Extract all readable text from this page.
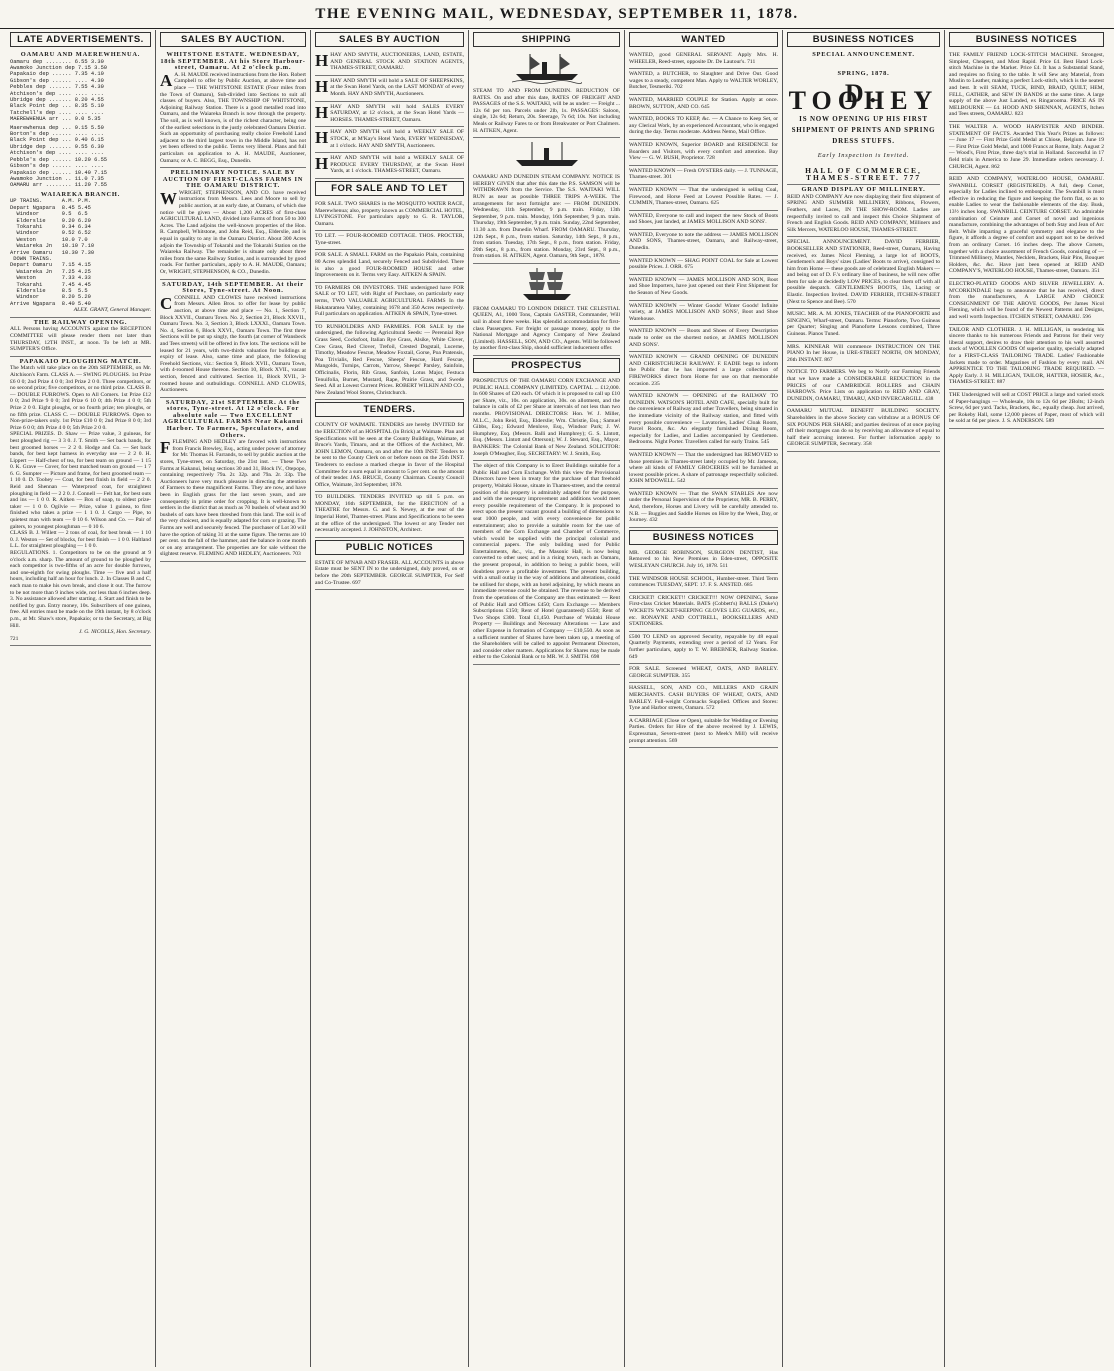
THE EVENING MAIL, WEDNESDAY, SEPTEMBER 11, 1878.
LATE ADVERTISEMENTS.
OAMARU AND MAEREWHENUA.
Oamaru dep ........ 6.55 3.30
Awamoko Junction dep 7.15 3.50
Papakaio dep ...... 7.35 4.10
Gibson's dep ...... .... 4.30
Pebbles dep ....... 7.55 4.30
Atchison's dep .... .... ....
Ubridge dep ....... 8.20 4.55
Black Point dep ... 8.35 5.10
Tatchell's dep .... .... ....
MAEREWHENUA arr ... 9.0 5.35
Maerewhenua dep ... 9.15 5.50
Borton's dep ...... .... ....
Black Point dep ... 9.40 6.15
Ubridge dep ....... 9.55 6.30
Atchison's dep .... .... ....
Pebble's dep ...... 10.20 6.55
Gibson's dep ...... .... ....
Papakaio dep ...... 10.40 7.15
Awamoko Junction .. 11.0 7.35
OAMARU arr ........ 11.20 7.55
WAIAREKA BRANCH.
UP TRAINS.      A.M. P.M.
Depart Ngapara  8.45 5.45
Windsor       9.5  6.5
Elderslie     9.20 6.20
Tokarahi      9.34 6.34
Windsor       9.52 6.52
Weston        10.0 7.0
Waiareka Jn   10.10 7.10
Arrive Oamaru   10.30 7.30
DOWN TRAINS.
Depart Oamaru   7.15 4.15
Waiareka Jn   7.25 4.25
Weston        7.33 4.33
Tokarahi      7.45 4.45
Elderslie     8.5  5.5
Windsor       8.20 5.20
Arrive Ngapara  8.40 5.40
ALEX. GRANT, General Manager.
THE RAILWAY OPENING.
ALL Persons having ACCOUNTS against the RECEPTION COMMITTEE will please render them not later than THURSDAY, 12TH INST., at noon. To be left at MR. SUMPTER'S Office.
PAPAKAIO PLOUGHING MATCH.
The Match will take place on the 20th SEPTEMBER, on Mr. Aitchison's Farm. CLASS A. — SWING PLOUGHS. 1st Prize £6 0 0; 2nd Prize 4 0 0; 3rd Prize 2 0 0. Three competitors, or no second prize; five competitors, or no third prize. CLASS B. — DOUBLE FURROWS. Open to All Comers. 1st Prize £12 0 0; 2nd Prize 9 0 0; 3rd Prize 6 10 0; 4th Prize 4 0 0; 5th Prize 2 0 0. Eight ploughs, or no fourth prize; ten ploughs, or no fifth prize. CLASS C. — DOUBLE FURROWS. Open to Non-prize-takers only. 1st Prize £10 0 0; 2nd Prize 8 0 0; 3rd Prize 6 0 0; 4th Prize 4 0 0; 5th Prize 2 0 0.
SPECIAL PRIZES. D. Shaw — Prize value, 3 guineas, for best ploughed rig — 3 3 0. J. T. Smith — Set back bands, for best groomed horses — 2 2 0. Hodge and Co. — Set back bands, for best kept harness in everyday use — 2 2 0. H. Lippert — Half-chest of tea, for best team on ground — 1 15 0. K. Grave — Cover, for best matched team on ground — 1 7 6. G. Sumpter — Picture and frame, for best groomed team — 1 10 0. D. Toohey — Coat, for best finish in field — 2 2 0. Reid and Shennan — Waterproof coat, for straightest ploughing in field — 2 2 0. J. Connell — Felt hat, for best outs and ins — 1 0 0. R. Aitken — Box of soap, to oldest prize-taker — 1 0 0. Ogilvie — Prize, value 1 guinea, to first finished who takes a prize — 1 1 0. J. Cargo — Pipe, to quietest man with team — 0 10 6. Wilson and Co. — Pair of gaiters, to youngest ploughman — 0 10 6.
CLASS B. J. Willett — 2 tons of coal, for best break — 1 10 0. J. Weston — Set of blocks, for best finish — 1 0 0. Haltland L.L. for straightest ploughing — 1 0 0.
REGULATIONS. 1. Competitors to be on the ground at 9 o'clock a.m. sharp. The amount of ground to be ploughed by each competitor is two-fifths of an acre for double furrows, and one-eighth for swing ploughs. Time — five and a half hours, including half an hour for lunch. 2. In Classes B and C, each man to make his own break, and close it out. The furrow to be not more than 9 inches wide, nor less than 6 inches deep. 3. No assistance allowed after starting. 4. Start and finish to be notified by gun. Entry money, 10s. Subscribers of one guinea, free. All entries must be made on the 19th instant, by 8 o'clock p.m., at Mr. Shaw's store, Papakaio; or to the Secretary, at Big Hill.
J. G. NICOLLS, Hon. Secretary.
721
SALES BY AUCTION.
WHITSTONE ESTATE. WEDNESDAY, 18th SEPTEMBER. At his Store Harbour-street, Oamaru. At 2 o'clock p.m.
A A. H. MAUDE received instructions from the Hon. Robert Campbell to offer by Public Auction, at above time and place — THE WHITSTONE ESTATE (Four miles from the Town of Oamaru), Sub-divided into Sections to suit all classes of buyers. Also, THE TOWNSHIP OF WHITSTONE, Adjoining Railway Station. There is a good metalled road into Oamaru, and the Waiareka Branch is now through the property. The soil, as is well known, is of the richest character, being one of the earliest selections in the justly celebrated Oamaru District. Such an opportunity of purchasing really choice Freehold Land adjacent to the third largest town in the Middle Island, has not yet been offered to the public. Terms very liberal. Plans and full particulars on application to A. H. MAUDE, Auctioneer, Oamaru; or A. C. BEGG, Esq., Dunedin.
PRELIMINARY NOTICE. SALE BY AUCTION OF FIRST-CLASS FARMS IN THE OAMARU DISTRICT.
W WRIGHT, STEPHENSON, AND CO. have received instructions from Messrs. Lees and Moore to sell by public auction, at an early date, at Oamaru, of which due notice will be given — About 1,200 ACRES of first-class AGRICULTURAL LAND, divided into Farms of from 50 to 300 Acres. The Land adjoins the well-known properties of the Hon. R. Campbell, Whitstone, and John Reid, Esq., Elderslie, and is equal in quality to any in the Oamaru District. About 300 Acres adjoin the Township of Tokarahi and the Tokarahi Station on the Waiareka Railway. The remainder is situate only about three miles from the same Railway Station, and is surrounded by good roads. For further particulars, apply to A. H. MAUDE, Oamaru; Or, WRIGHT, STEPHENSON, & CO., Dunedin.
SATURDAY, 14th SEPTEMBER. At their Stores, Tyne-street. At Noon.
C CONNELL AND CLOWES have received instructions from Messrs. Allen Bros. to offer for lease by public auction, at above time and place — No. 1, Section 7, Block XXVII., Oamaru Town. No. 2, Section 21, Block XXVII., Oamaru Town. No. 3, Section 3, Block LXXXI., Oamaru Town. No. 4, Section 6, Block XXVI., Oamaru Town. The first three Sections will be put up singly, the fourth (at corner of Wansbeck and Tees streets) will be offered in five lots. The sections will be leased for 21 years, with two-thirds valuation for buildings at expiry of lease. Also, same time and place, the following Freehold Sections, viz.: Section 9, Block XVII., Oamaru Town, with 4-roomed House thereon. Section 10, Block XVII., vacant section, fenced and cultivated. Section 11, Block XVII., 3-roomed house and outbuildings. CONNELL AND CLOWES, Auctioneers.
SATURDAY, 21st SEPTEMBER. At the stores, Tyne-street. At 12 o'clock. For absolute sale — Two EXCELLENT AGRICULTURAL FARMS Near Kakanui Harbor. To Farmers, Speculators, and Others.
F FLEMING AND HEDLEY are favored with instructions from Francis Brewley, Esq., acting under power of attorney for Mr. Thomas H. Farrands, to sell by public auction at the stores, Tyne-street, on Saturday, the 21st inst. — These Two Farms at Kakanui, being sections 30 and 31, Block IV., Otepopo, containing respectively 79a. 2r. 32p. and 79a. 2r. 33p. The Auctioneers have very much pleasure in directing the attention of Farmers to these magnificent Farms. They are now, and have been in English grass for the last seven years, and are consequently in prime order for cropping. It is well-known to settlers in the district that as much as 70 bushels of wheat and 90 bushels of oats have been threshed from this land. The soil is of the very choicest, and is equally adapted for corn or grazing. The Farms are well and securely fenced. The purchaser of Lot 30 will have the option of taking 31 at the same figure. The terms are 10 per cent. on the fall of the hammer, and the balance in one month or on any arrangement. The properties are for sale without the slightest reserve. FLEMING AND HEDLEY, Auctioneers. 703
SALES BY AUCTION
HHAY AND SMYTH, AUCTIONEERS, LAND, ESTATE, AND GENERAL STOCK AND STATION AGENTS, THAMES-STREET, OAMARU.
HHAY AND SMYTH will hold a SALE OF SHEEPSKINS, at the Swan Hotel Yards, on the LAST MONDAY of every Month. HAY AND SMYTH, Auctioneers.
HHAY AND SMYTH will hold SALES EVERY SATURDAY, at 12 o'clock, at the Swan Hotel Yards — HORSES. THAMES-STREET, Oamaru.
HHAY AND SMYTH will hold a WEEKLY SALE OF STOCK, at M'Kay's Hotel Yards, EVERY WEDNESDAY, at 1 o'clock. HAY AND SMYTH, Auctioneers.
HHAY AND SMYTH will hold a WEEKLY SALE OF PRODUCE EVERY THURSDAY, at the Swan Hotel Yards, at 1 o'clock. THAMES-STREET, Oamaru.
FOR SALE AND TO LET
FOR SALE. TWO SHARES in the MOSQUITO WATER RACE, Maerewhenua; also, property known as COMMERCIAL HOTEL, LIVINGSTONE. For particulars apply to G. R. TAYLOR, Oamaru.
TO LET. — FOUR-ROOMED COTTAGE. THOS. PROCTER, Tyne-street.
FOR SALE. A SMALL FARM on the Papakaio Plain, containing 80 Acres splendid Land, securely Fenced and Subdivided. There is also a good FOUR-ROOMED HOUSE and other Improvements on it. Terms very Easy. AITKEN & SPAIN.
TO FARMERS OR INVESTORS. THE undersigned have FOR SALE or TO LET, with Right of Purchase, on particularly easy terms, TWO VALUABLE AGRICULTURAL FARMS In the Hakataramea Valley, containing 1678 and 350 Acres respectively. Full particulars on application. AITKEN & SPAIN, Tyne-street.
TO RUNHOLDERS AND FARMERS. FOR SALE by the undersigned, the following Agricultural Seeds: — Perennial Rye Grass Seed, Cocksfoot, Italian Rye Grass, Alsike, White Clover, Cow Grass, Red Clover, Trefoil, Crested Dogstail, Lucerne, Timothy, Meadow Fescue, Meadow Foxtail, Gorse, Poa Pratensis, Poa Trivialis, Red Fescue, Sheeps' Fescue, Hard Fescue, Mangolds, Turnips, Carrots, Yarrow, Sheeps' Parsley, Sainfoin, Officinalis, Florin, Rib Grass, Sanfoin, Lotus Major, Festuca Tenuifolia, Burnet, Mustard, Rape, Prairie Grass, and Swede Seed. All at Lowest Current Prices. ROBERT WILKIN AND CO., New Zealand Wool Stores, Christchurch.
TENDERS.
COUNTY OF WAIMATE. TENDERS are hereby INVITED for the ERECTION of an HOSPITAL (in Brick) at Waimate. Plan and Specifications will be seen at the County Buildings, Waimate, at Bruce's Yards, Timaru, and at the Offices of the Architect, Mr. JOHN LEMON, Oamaru, on and after the 10th INST. Tenders to be sent to the County Clerk on or before noon on the 25th INST. Tenderers to enclose a marked cheque in favor of the Hospital Committee for a sum equal in amount to 5 per cent. on the amount of their tender. JAS. BRUCE, County Chairman. County Council Office, Waimate, 3rd September, 1878.
TO BUILDERS. TENDERS INVITED up till 5 p.m. on MONDAY, 16th SEPTEMBER, for the ERECTION of a THEATRE for Messrs. G. and S. Newey, at the rear of the Imperial Hotel, Thames-street. Plans and Specifications to be seen at the office of the undersigned. The lowest or any Tender not necessarily accepted. J. JOHNSTON, Architect.
PUBLIC NOTICES
ESTATE OF M'NAB AND FRASER. ALL ACCOUNTS in above Estate must be SENT IN to the undersigned, duly proved, on or before the 20th SEPTEMBER. GEORGE SUMPTER, For Self and Co-Trustee. 697
SHIPPING
STEAM TO AND FROM DUNEDIN. REDUCTION OF RATES. On and after this date, RATES OF FREIGHT AND PASSAGES of the S.S. WAITAKI, will be as under: — Freight ... 12s 6d per ton. Parcels under 2lb, 1s. PASSAGES: Saloon, single, 12s 6d; Return, 20s. Steerage, 7s 6d; 10s. Not including Meals or Railway Fares to or from Breakwater or Port Chalmers. H. AITKEN, Agent.
OAMARU AND DUNEDIN STEAM COMPANY. NOTICE IS HEREBY GIVEN that after this date the P.S. SAMSON will be WITHDRAWN from the Service. The S.S. WAITAKI WILL RUN as near as possible THREE TRIPS A-WEEK. The arrangements for next fortnight are: — FROM DUNEDIN. Wednesday, 11th September, 9 p.m. train. Friday, 13th September, 9 p.m. train. Monday, 16th September, 9 p.m. train. Thursday, 19th September, 9 p.m. train. Sunday, 22nd September, 11.30 a.m. from Dunedin Wharf. FROM OAMARU. Thursday, 12th Sept., 8 p.m., from station. Saturday, 14th Sept., 8 p.m., from station. Tuesday, 17th Sept., 8 p.m., from station. Friday, 20th Sept., 8 p.m., from station. Monday, 23rd Sept., 8 p.m., from station. H. AITKEN, Agent. Oamaru, 9th Sept., 1878.
FROM OAMARU TO LONDON DIRECT. THE CELESTIAL QUEEN, A1, 1000 Tons, Captain GASTER, Commander, Will sail in about three weeks. Has splendid accommodation for first-class Passengers. For freight or passage money, apply to the National Mortgage and Agency Company of New Zealand (Limited). HASSELL, SON, AND CO., Agents. Will be followed by another first-class Ship, should sufficient inducement offer.
PROSPECTUS
PROSPECTUS OF THE OAMARU CORN EXCHANGE AND PUBLIC HALL COMPANY (LIMITED). CAPITAL ... £12,000. In 600 Shares of £20 each. Of which it is proposed to call up £10 per Share, viz., 10s. on application, 30s. on allotment, and the balance in calls of £2 per Share at intervals of not less than two months. PROVISIONAL DIRECTORS: Hon. W. J. Miller, M.L.C., John Reid, Esq., Elderslie; Wm. Christie, Esq.; Samuel Gibbs, Esq.; Edward Menlove, Esq., Windsor Park; J. W. Humphrey, Esq. (Messrs. Balli and Humphrey); G. S. Lintott, Esq. (Messrs. Lintott and Otterson); W. J. Steward, Esq., Mayor. BANKERS: The Colonial Bank of New Zealand. SOLICITOR: Joseph O'Meagher, Esq. SECRETARY: W. J. Smith, Esq.
The object of this Company is to Erect Buildings suitable for a Public Hall and Corn Exchange. With this view the Provisional Directors have been in treaty for the purchase of that freehold property, Waitaki House, situate in Thames-street, and the central position of this property is admirably adapted for the purpose, and with the necessary improvement and additions would meet every possible requirement of the Company. It is proposed to erect upon the present vacant ground a building of dimensions to seat 1000 people, and with every convenience for public entertainment; also to provide a suitable room for the use of members of the Corn Exchange and Chamber of Commerce, which would be supplied with the principal colonial and commercial papers. The only building used for Public Entertainments, &c., viz., the Masonic Hall, is now being converted to other uses; and in a rising town, such as Oamaru, the present proposal, in addition to being a public boon, will doubtless prove a profitable investment. The present building, with a small outlay in the way of additions and alterations, could be utilised for shops, with an hotel adjoining, by which means an immediate revenue could be obtained. The revenue to be derived from the operations of the Company are thus estimated: — Rent of Public Hall and Offices £450; Corn Exchange — Members Subscriptions £150; Rent of Hotel (guaranteed) £550; Rent of Two Shops £300. Total £1,450. Purchase of Waitaki House Property — Buildings and Necessary Alterations — Law and other Expense in formation of Company — £10,550. As soon as a sufficient number of Shares have been taken up, a meeting of the Shareholders will be called to appoint Permanent Directors, and consider other matters. Applications for Shares may be made either to the Colonial Bank or to MR. W. J. SMITH. 698
WANTED
WANTED, good GENERAL SERVANT. Apply Mrs. H. WHEELER, Reed-street, opposite Dr. De Lautour's. 711
WANTED, a BUTCHER, to Slaughter and Drive Out. Good wages to a steady, competent Man. Apply to WALTER WORLEY, Butcher, Tesmeriki. 702
WANTED, MARRIED COUPLE for Station. Apply at once. BROWN, SUTTON, AND CO. 645
WANTED, BOOKS TO KEEP, &c. — A Chance to Keep Set, or any Clerical Work, by an experienced Accountant, who is engaged during the day. Terms moderate. Address Nemo, Mail Office.
WANTED KNOWN, Superior BOARD and RESIDENCE for Boarders and Visitors, with every comfort and attention. Bay View — G. W. BUSH, Proprietor. 728
WANTED KNOWN — Fresh OYSTERS daily. — J. TUNNAGE, Thames-street. 301
WANTED KNOWN — That the undersigned is selling Coal, Firewood, and Horse Feed at Lowest Possible Rates. — J. CUMMIN, Thames-street, Oamaru. 625
WANTED, Everyone to call and inspect the new Stock of Boots and Shoes, just landed, at JAMES MOLLISON AND SONS'.
WANTED, Everyone to note the address — JAMES MOLLISON AND SONS, Thames-street, Oamaru, and Railway-street, Dunedin.
WANTED KNOWN — SHAG POINT COAL for Sale at Lowest possible Prices. J. ORR. 675
WANTED KNOWN — JAMES MOLLISON AND SON, Boot and Shoe Importers, have just opened out their First Shipment for the Season of New Goods.
WANTED KNOWN — Winter Goods! Winter Goods! Infinite variety, at JAMES MOLLISON AND SONS', Boot and Shoe Warehouse.
WANTED KNOWN — Boots and Shoes of Every Description made to order on the shortest notice, at JAMES MOLLISON AND SONS'.
WANTED KNOWN — GRAND OPENING OF DUNEDIN AND CHRISTCHURCH RAILWAY. F. EADIE begs to inform the Public that he has imported a large collection of FIREWORKS direct from Home for use on that memorable occasion. 235
WANTED KNOWN — OPENING of the RAILWAY TO DUNEDIN. WATSON'S HOTEL AND CAFE, specially built for the convenience of Railway and other Travellers, being situated in the immediate vicinity of the Railway station, and fitted with every possible convenience — Lavatories, Ladies' Cloak Room, Parcel Room, &c. An elegantly furnished Dining Room, especially for Ladies, and Ladies accompanied by Gentlemen. Bedrooms. Night Porter. Travellers called for early Trains. 545
WANTED KNOWN — That the undersigned has REMOVED to those premises in Thames-street lately occupied by Mr. Jameson, where all kinds of FAMILY GROCERIES will be furnished at lowest possible prices. A share of patronage respectfully solicited. JOHN M'DOWELL. 542
WANTED KNOWN — That the SWAN STABLES Are now under the Personal Supervision of the Proprietor, MR. B. PERRY, And, therefore, Horses and Livery will be carefully attended to. N.B. — Buggies and Saddle Horses on Hire by the Week, Day, or Journey. 432
BUSINESS NOTICES
MR. GEORGE ROBINSON, SURGEON DENTIST, Has Removed to his New Premises in Eden-street, OPPOSITE WESLEYAN CHURCH. July 16, 1878. 511
THE WINDSOR HOUSE SCHOOL, Humber-street. Third Term commences TUESDAY, SEPT. 17. F. S. ANSTED. 685
CRICKET! CRICKET!! CRICKET!!! NOW OPENING, Some First-class Cricket Materials. BATS (Cobbett's) BALLS (Duke's) WICKETS WICKET-KEEPING GLOVES LEG GUARDS, etc., etc. RONAYNE AND COTTRELL, BOOKSELLERS AND STATIONERS.
£500 TO LEND on approved Security, repayable by 48 equal Quarterly Payments, extending over a period of 12 Years. For further particulars, apply to T. W. BREBNER, Railway Station. 649
FOR SALE. Screened WHEAT, OATS, AND BARLEY. GEORGE SUMPTER. 355
HASSELL, SON, AND CO., MILLERS AND GRAIN MERCHANTS. CASH BUYERS OF WHEAT, OATS, AND BARLEY. Full-weight Cornsacks Supplied. Offices and Stores: Tyne and Harbor streets, Oamaru. 572
A CARRIAGE (Close or Open), suitable for Wedding or Evening Parties. Orders for Hire of the above received by J. LEWIS, Expressman, Severn-street (next to Meek's Mill) will receive prompt attention. 569
BUSINESS NOTICES
SPECIAL ANNOUNCEMENT.
SPRING, 1878.
D. TOOHEY
IS NOW OPENING UP HIS FIRST SHIPMENT OF PRINTS AND SPRING DRESS STUFFS.
Early Inspection is Invited.
HALL OF COMMERCE, THAMES-STREET. 777
GRAND DISPLAY OF MILLINERY.
REID AND COMPANY Are now displaying their first shipment of SPRING AND SUMMER MILLINERY, Ribbons, Flowers, Feathers, and Laces, IN THE SHOW-ROOM. Ladies are respectfully invited to call and inspect this Choice Shipment of French and English Goods. REID AND COMPANY, Milliners and Silk Mercers, WATERLOO HOUSE, THAMES-STREET.
SPECIAL ANNOUNCEMENT. DAVID FERRIER, BOOKSELLER AND STATIONER, Reed-street, Oamaru, Having received, ex James Nicol Fleming, a large lot of BOOTS, Gentlemen's and Boys' sizes (Ladies' Boots to arrive), consigned to him from Home — these goods are of celebrated English Makers — and being out of D. F.'s ordinary line of business, he will now offer them for sale at decidedly LOW PRICES, to clear them off with all possible despatch. GENTLEMEN'S BOOTS, 13s, Lacing or Elastic. Inspection Invited. DAVID FERRIER, ITCHEN-STREET (Next to Spence and Bee). 570
MUSIC. MR. A. M. JONES, TEACHER of the PIANOFORTE and SINGING, Wharf-street, Oamaru. Terms: Pianoforte, Two Guineas per Quarter; Singing and Pianoforte Lessons combined, Three Guineas. Pianos Tuned.
MRS. KINNEAR Will commence INSTRUCTION ON THE PIANO In her House, in URE-STREET NORTH, ON MONDAY, 26th INSTANT. 867
NOTICE TO FARMERS. We beg to Notify our Farming Friends that we have made a CONSIDERABLE REDUCTION in the PRICES of our CAMBRIDGE ROLLERS and CHAIN HARROWS. Price Lists on application to REID AND GRAY, DUNEDIN, OAMARU, TIMARU, AND INVERCARGILL. 438
OAMARU MUTUAL BENEFIT BUILDING SOCIETY. Shareholders in the above Society can withdraw at a BONUS OF SIX POUNDS PER SHARE; and parties desirous of at once paying off their mortgages can do so by receiving an allowance of equal to half their accruing interest. For further information apply to GEORGE SUMPTER, Secretary. 358
BUSINESS NOTICES
THE FAMILY FRIEND LOCK-STITCH MACHINE. Strongest, Simplest, Cheapest, and Most Rapid. Price £4. Best Hand Lock-stitch Machine in the Market. Price £4. It has a Substantial Stand, and requires no fixing to the table. It will Sew any Material, from Muslin to Leather, making a perfect Lock-stitch, which is the neatest and best. It will SEAM, TUCK, BIND, BRAID, QUILT, HEM, FELL, GATHER, and SEW IN BANDS at the same time. A large supply of the above Just Landed, ex Ringarooma. PRICE AS IN MELBOURNE — £4. HOOD AND SHENNAN, AGENTS, Itchen and Tees streets, OAMARU. 823
THE WALTER A. WOOD HARVESTER AND BINDER. STATEMENT OF FACTS. Awarded This Year's Prizes as follows: — June 17 — First Prize Gold Medal at Chiose, Belgium. June 19 — First Prize Gold Medal, and 1000 Francs at Rome, Italy. August 2 — Wood's, First Prize, three day's trial in Holland. Successful in 17 field trials in America to June 29. Immediate orders necessary. J. CHURCH, Agent. 862
REID AND COMPANY, WATERLOO HOUSE, OAMARU. SWANBILL CORSET (REGISTERED). A full, deep Corset, especially for Ladies inclined to embonpoint. The Swanbill is most effective in reducing the figure and keeping the form flat, so as to enable Ladies to wear the fashionable elements of the day. Busk, 13½ inches long. SWANBILL CEINTURE CORSET. An admirable combination of Ceinture and Corset of novel and ingenious manufacture, combining the advantages of both Stay and Jean of Arc Belt. While imparting a graceful symmetry and elegance to the figure, it affords a degree of comfort and support not to be derived from an ordinary Corset. 16 inches deep. The above Corsets, together with a choice assortment of French Goods, consisting of — Trimmed Millinery, Mantles, Necklets, Brackets, Hair Pins, Bouquet Holders, &c. &c. Have just been opened at REID AND COMPANY'S, WATERLOO HOUSE, Thames-street, Oamaru. 351
ELECTRO-PLATED GOODS AND SILVER JEWELLERY. A. M'CORKINDALE begs to announce that he has received, direct from the manufacturers, A LARGE AND CHOICE CONSIGNMENT OF THE ABOVE GOODS, Per James Nicol Fleming, which will be found of the Newest Patterns and Designs, and well worth Inspection. ITCHEN STREET, OAMARU. 596
TAILOR AND CLOTHIER. J. H. MILLIGAN, in tendering his sincere thanks to his numerous Friends and Patrons for their very liberal support, desires to draw their attention to his well assorted stock of WOOLLEN GOODS Of superior quality, specially adapted for a FIRST-CLASS TAILORING TRADE. Ladies' Fashionable Jackets made to order. Magazines of Fashion by every mail. AN APPRENTICE TO THE TAILORING TRADE REQUIRED. — Apply Early. J. H. MILLIGAN, TAILOR, HATTER, HOSIER, &c., THAMES-STREET. 887
THE Undersigned will sell at COST PRICE a large and varied stock of Paper-hangings — Wholesale, 10s to 12s 6d per 2Bolts; 12-inch Screw, 6d per yard. Tacks, Brackets, &c., equally cheap. Just arrived, per Rokeby Hall, some 12,000 pieces of Paper, most of which will be sold at 6d per piece. J. S. ANDERSON. 589
